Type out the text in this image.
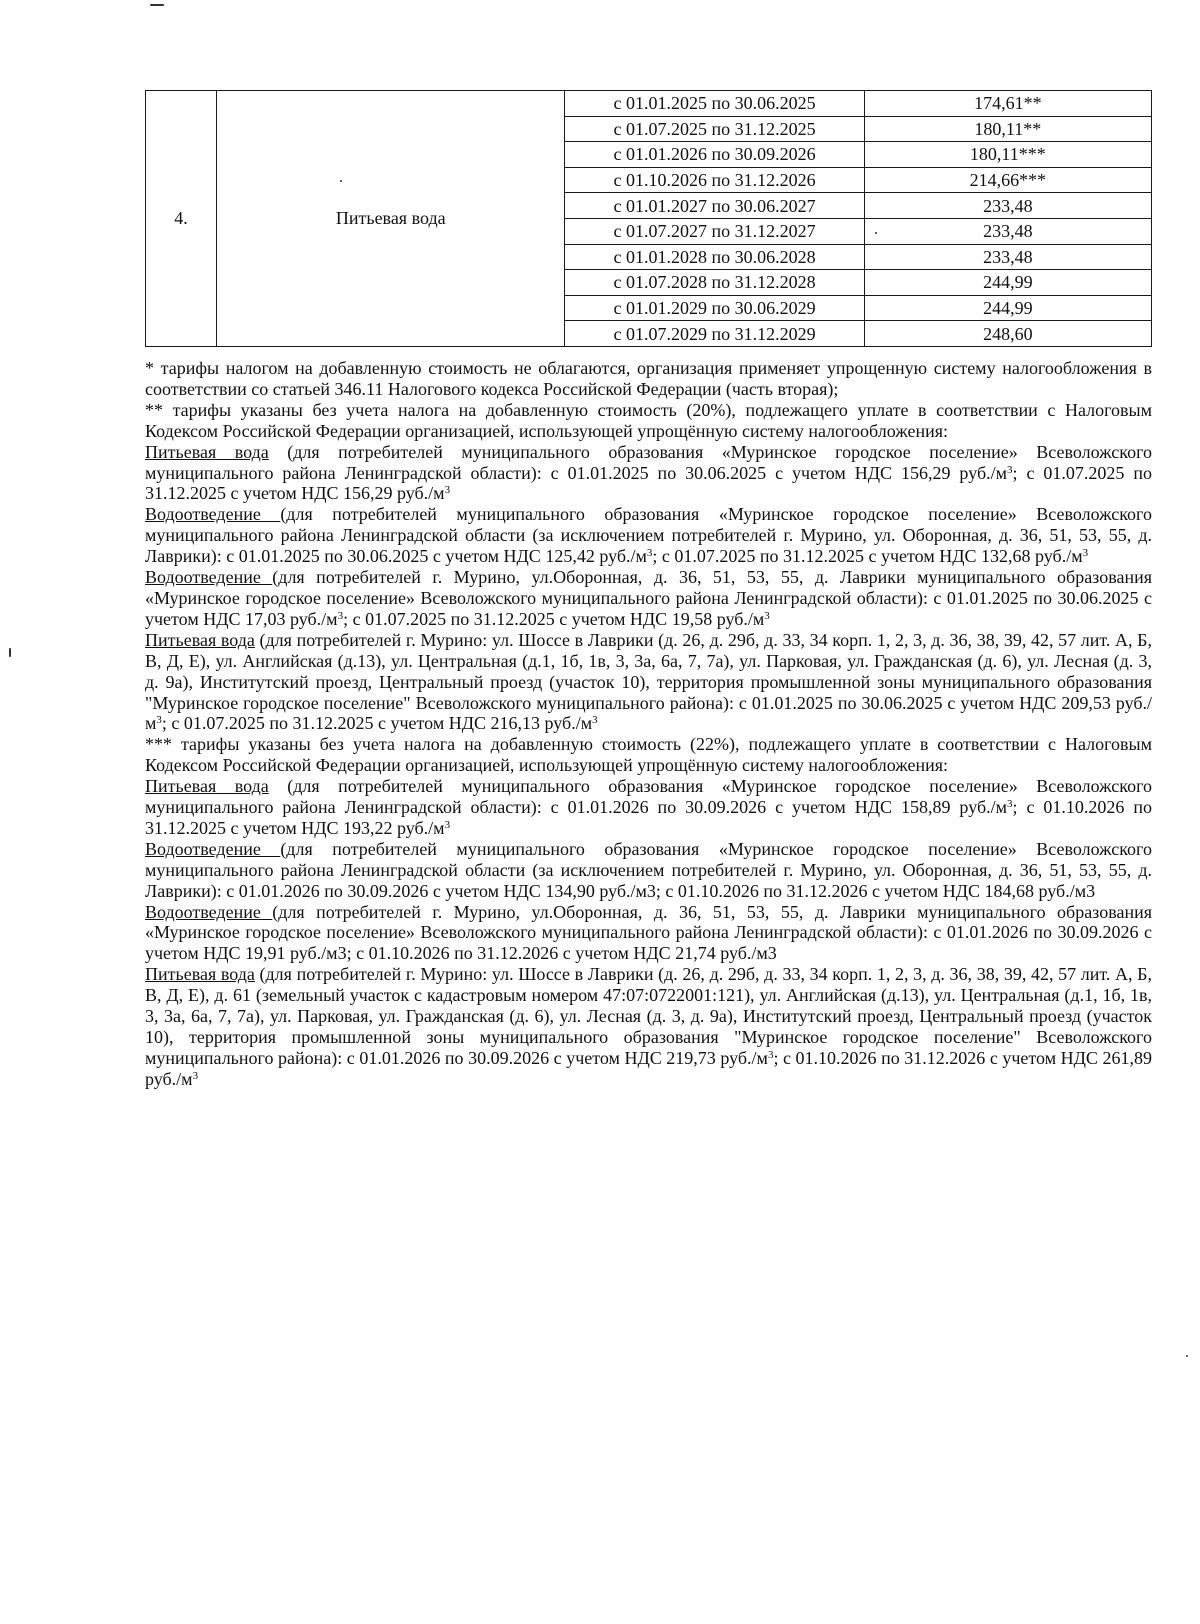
4.	Питьевая вода	с 01.01.2025 по 30.06.2025	174,61**
		с 01.07.2025 по 31.12.2025	180,11**
		с 01.01.2026 по 30.09.2026	180,11***
		с 01.10.2026 по 31.12.2026	214,66***
		с 01.01.2027 по 30.06.2027	233,48
		с 01.07.2027 по 31.12.2027	233,48
		с 01.01.2028 по 30.06.2028	233,48
		с 01.07.2028 по 31.12.2028	244,99
		с 01.01.2029 по 30.06.2029	244,99
		с 01.07.2029 по 31.12.2029	248,60

* тарифы налогом на добавленную стоимость не облагаются, организация применяет упрощенную систему налогообложения в соответствии со статьей 346.11 Налогового кодекса Российской Федерации (часть вторая);

** тарифы указаны без учета налога на добавленную стоимость (20%), подлежащего уплате в соответствии с Налоговым Кодексом Российской Федерации организацией, использующей упрощённую систему налогообложения:

Питьевая вода (для потребителей муниципального образования «Муринское городское поселение» Всеволожского муниципального района Ленинградской области): с 01.01.2025 по 30.06.2025 с учетом НДС 156,29 $руб./м^3$; с 01.07.2025 по 31.12.2025 с учетом НДС 156,29 $руб./м^3$

Водоотведение (для потребителей муниципального образования «Муринское городское поселение» Всеволожского муниципального района Ленинградской области (за исключением потребителей г. Мурино, ул. Оборонная, д. 36, 51, 53, 55, д. Лаврики): с 01.01.2025 по 30.06.2025 с учетом НДС 125,42 $руб./м^3$; с 01.07.2025 по 31.12.2025 с учетом НДС 132,68 $руб./м^3$

Водоотведение (для потребителей г. Мурино, ул.Оборонная, д. 36, 51, 53, 55, д. Лаврики муниципального образования «Муринское городское поселение» Всеволожского муниципального района Ленинградской области): с 01.01.2025 по 30.06.2025 с учетом НДС 17,03 $руб./м^3$; с 01.07.2025 по 31.12.2025 с учетом НДС 19,58 $руб./м^3$

Питьевая вода (для потребителей г. Мурино: ул. Шоссе в Лаврики (д. 26, д. 29б, д. 33, 34 корп. 1, 2, 3, д. 36, 38, 39, 42, 57 лит. А, Б, В, Д, Е), ул. Английская (д.13), ул. Центральная (д.1, 1б, 1в, 3, 3а, 6а, 7, 7а), ул. Парковая, ул. Гражданская (д. 6), ул. Лесная (д. 3, д. 9а), Институтский проезд, Центральный проезд (участок 10), территория промышленной зоны муниципального образования "Муринское городское поселение" Всеволожского муниципального района): с 01.01.2025 по 30.06.2025 с учетом НДС 209,53 $руб./м^3$; с 01.07.2025 по 31.12.2025 с учетом НДС 216,13 $руб./м^3$

*** тарифы указаны без учета налога на добавленную стоимость (22%), подлежащего уплате в соответствии с Налоговым Кодексом Российской Федерации организацией, использующей упрощённую систему налогообложения:

Питьевая вода (для потребителей муниципального образования «Муринское городское поселение» Всеволожского муниципального района Ленинградской области): с 01.01.2026 по 30.09.2026 с учетом НДС 158,89 $руб./м^3$; с 01.10.2026 по 31.12.2025 с учетом НДС 193,22 $руб./м^3$

Водоотведение (для потребителей муниципального образования «Муринское городское поселение» Всеволожского муниципального района Ленинградской области (за исключением потребителей г. Мурино, ул. Оборонная, д. 36, 51, 53, 55, д. Лаврики): с 01.01.2026 по 30.09.2026 с учетом НДС 134,90 руб./м3; с 01.10.2026 по 31.12.2026 с учетом НДС 184,68 руб./м3

Водоотведение (для потребителей г. Мурино, ул.Оборонная, д. 36, 51, 53, 55, д. Лаврики муниципального образования «Муринское городское поселение» Всеволожского муниципального района Ленинградской области): с 01.01.2026 по 30.09.2026 с учетом НДС 19,91 руб./м3; с 01.10.2026 по 31.12.2026 с учетом НДС 21,74 руб./м3

Питьевая вода (для потребителей г. Мурино: ул. Шоссе в Лаврики (д. 26, д. 29б, д. 33, 34 корп. 1, 2, 3, д. 36, 38, 39, 42, 57 лит. А, Б, В, Д, Е), д. 61 (земельный участок с кадастровым номером 47:07:0722001:121), ул. Английская (д.13), ул. Центральная (д.1, 1б, 1в, 3, 3а, 6а, 7, 7а), ул. Парковая, ул. Гражданская (д. 6), ул. Лесная (д. 3, д. 9а), Институтский проезд, Центральный проезд (участок 10), территория промышленной зоны муниципального образования "Муринское городское поселение" Всеволожского муниципального района): с 01.01.2026 по 30.09.2026 с учетом НДС 219,73 $руб./м^3$; с 01.10.2026 по 31.12.2026 с учетом НДС 261,89 $руб./м^3$
